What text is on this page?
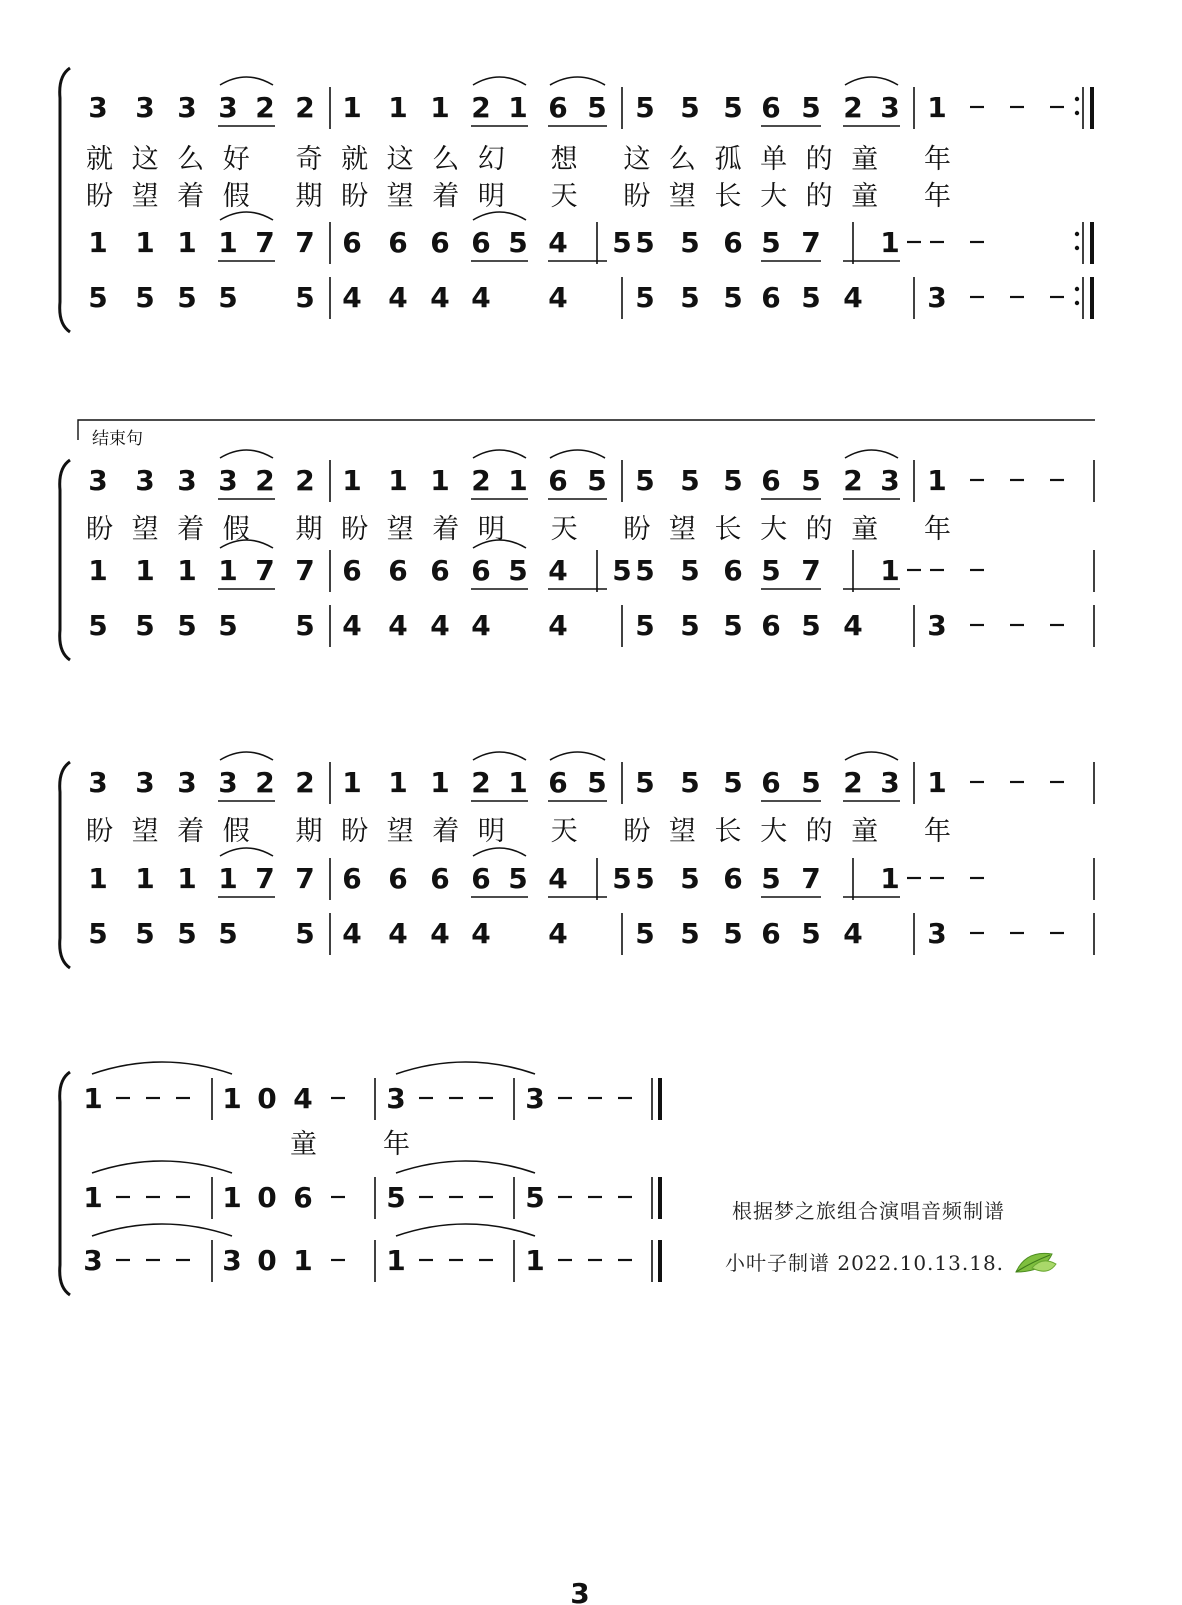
3 3 3 3 2 2 1 1 1 2 1 6 5 5 5 5 6 5 2 3 1
1 1 1 1 7 7 6 6 6 6 5 4 5 5 5 6 5 7 1
5 5 5 5 5 4 4 4 4 4 5 5 5 6 5 4 3
就这么好 奇就这么幻 想 这么孤单的童 年
盼望着假 期盼望着明 天 盼望长大的童 年
3 3 3 3 2 2 1 1 1 2 1 6 5 5 5 5 6 5 2 3 1
1 1 1 1 7 7 6 6 6 6 5 4 5 5 5 6 5 7 1
5 5 5 5 5 4 4 4 4 4 5 5 5 6 5 4 3
盼望着假 期盼望着明 天 盼望长大的童 年
3 3 3 3 2 2 1 1 1 2 1 6 5 5 5 5 6 5 2 3 1
1 1 1 1 7 7 6 6 6 6 5 4 5 5 5 6 5 7 1
5 5 5 5 5 4 4 4 4 4 5 5 5 6 5 4 3
盼望着假 期盼望着明 天 盼望长大的童 年
1	1 0 4	3	3
1	1 0 6	5	5
3	3 0 1	1	1
童 年
结束句
根据梦之旅组合演唱音频制谱
小叶子制谱 2022.10.13.18.
3
